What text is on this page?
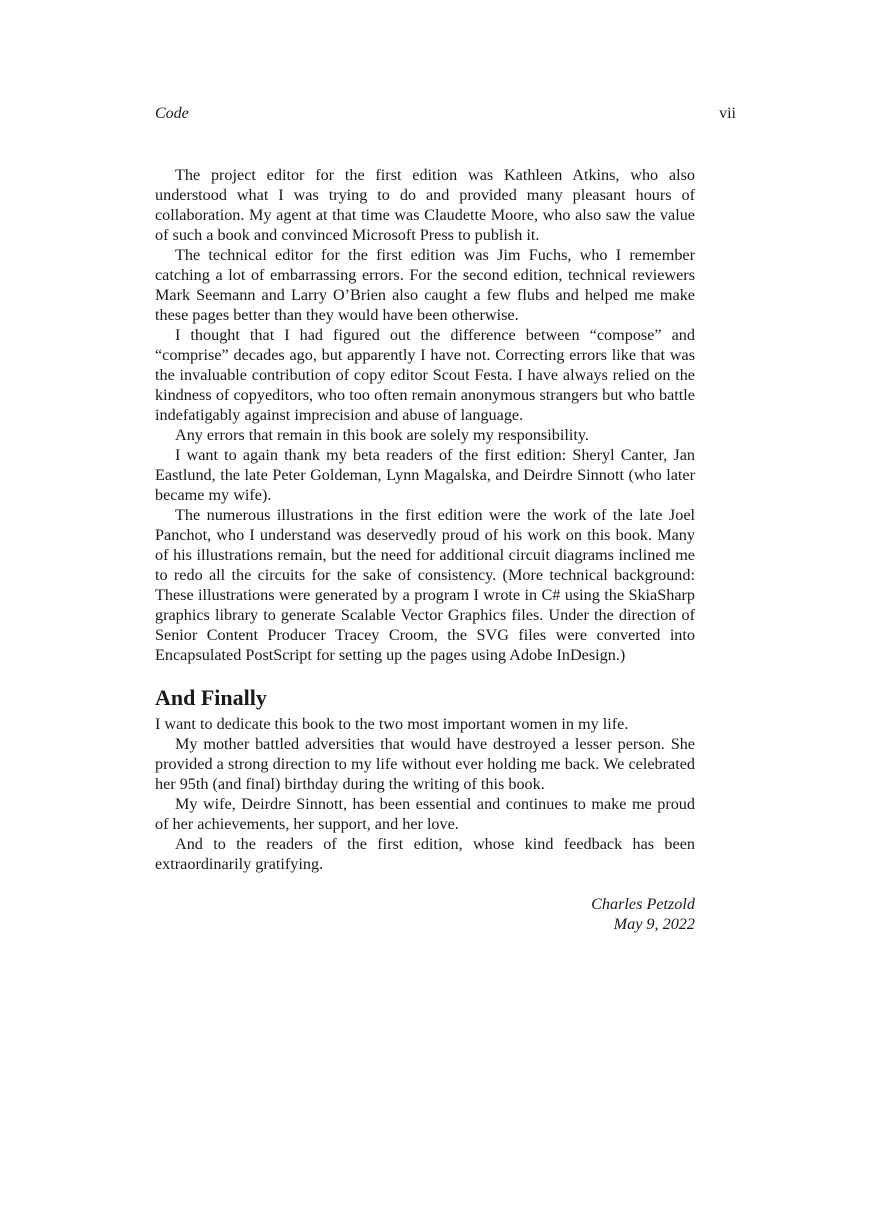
Code	vii

The project editor for the first edition was Kathleen Atkins, who also understood what I was trying to do and provided many pleasant hours of collaboration. My agent at that time was Claudette Moore, who also saw the value of such a book and convinced Microsoft Press to publish it.

The technical editor for the first edition was Jim Fuchs, who I remember catching a lot of embarrassing errors. For the second edition, technical reviewers Mark Seemann and Larry O’Brien also caught a few flubs and helped me make these pages better than they would have been otherwise.

I thought that I had figured out the difference between “compose” and “comprise” decades ago, but apparently I have not. Correcting errors like that was the invaluable contribution of copy editor Scout Festa. I have always relied on the kindness of copyeditors, who too often remain anonymous strangers but who battle indefatigably against imprecision and abuse of language.

Any errors that remain in this book are solely my responsibility.

I want to again thank my beta readers of the first edition: Sheryl Canter, Jan Eastlund, the late Peter Goldeman, Lynn Magalska, and Deirdre Sinnott (who later became my wife).

The numerous illustrations in the first edition were the work of the late Joel Panchot, who I understand was deservedly proud of his work on this book. Many of his illustrations remain, but the need for additional circuit diagrams inclined me to redo all the circuits for the sake of consistency. (More technical background: These illustrations were generated by a program I wrote in C# using the SkiaSharp graphics library to generate Scalable Vector Graphics files. Under the direction of Senior Content Producer Tracey Croom, the SVG files were converted into Encapsulated PostScript for setting up the pages using Adobe InDesign.)

And Finally

I want to dedicate this book to the two most important women in my life.

My mother battled adversities that would have destroyed a lesser person. She provided a strong direction to my life without ever holding me back. We celebrated her 95th (and final) birthday during the writing of this book.

My wife, Deirdre Sinnott, has been essential and continues to make me proud of her achievements, her support, and her love.

And to the readers of the first edition, whose kind feedback has been extraordinarily gratifying.

Charles Petzold
May 9, 2022
